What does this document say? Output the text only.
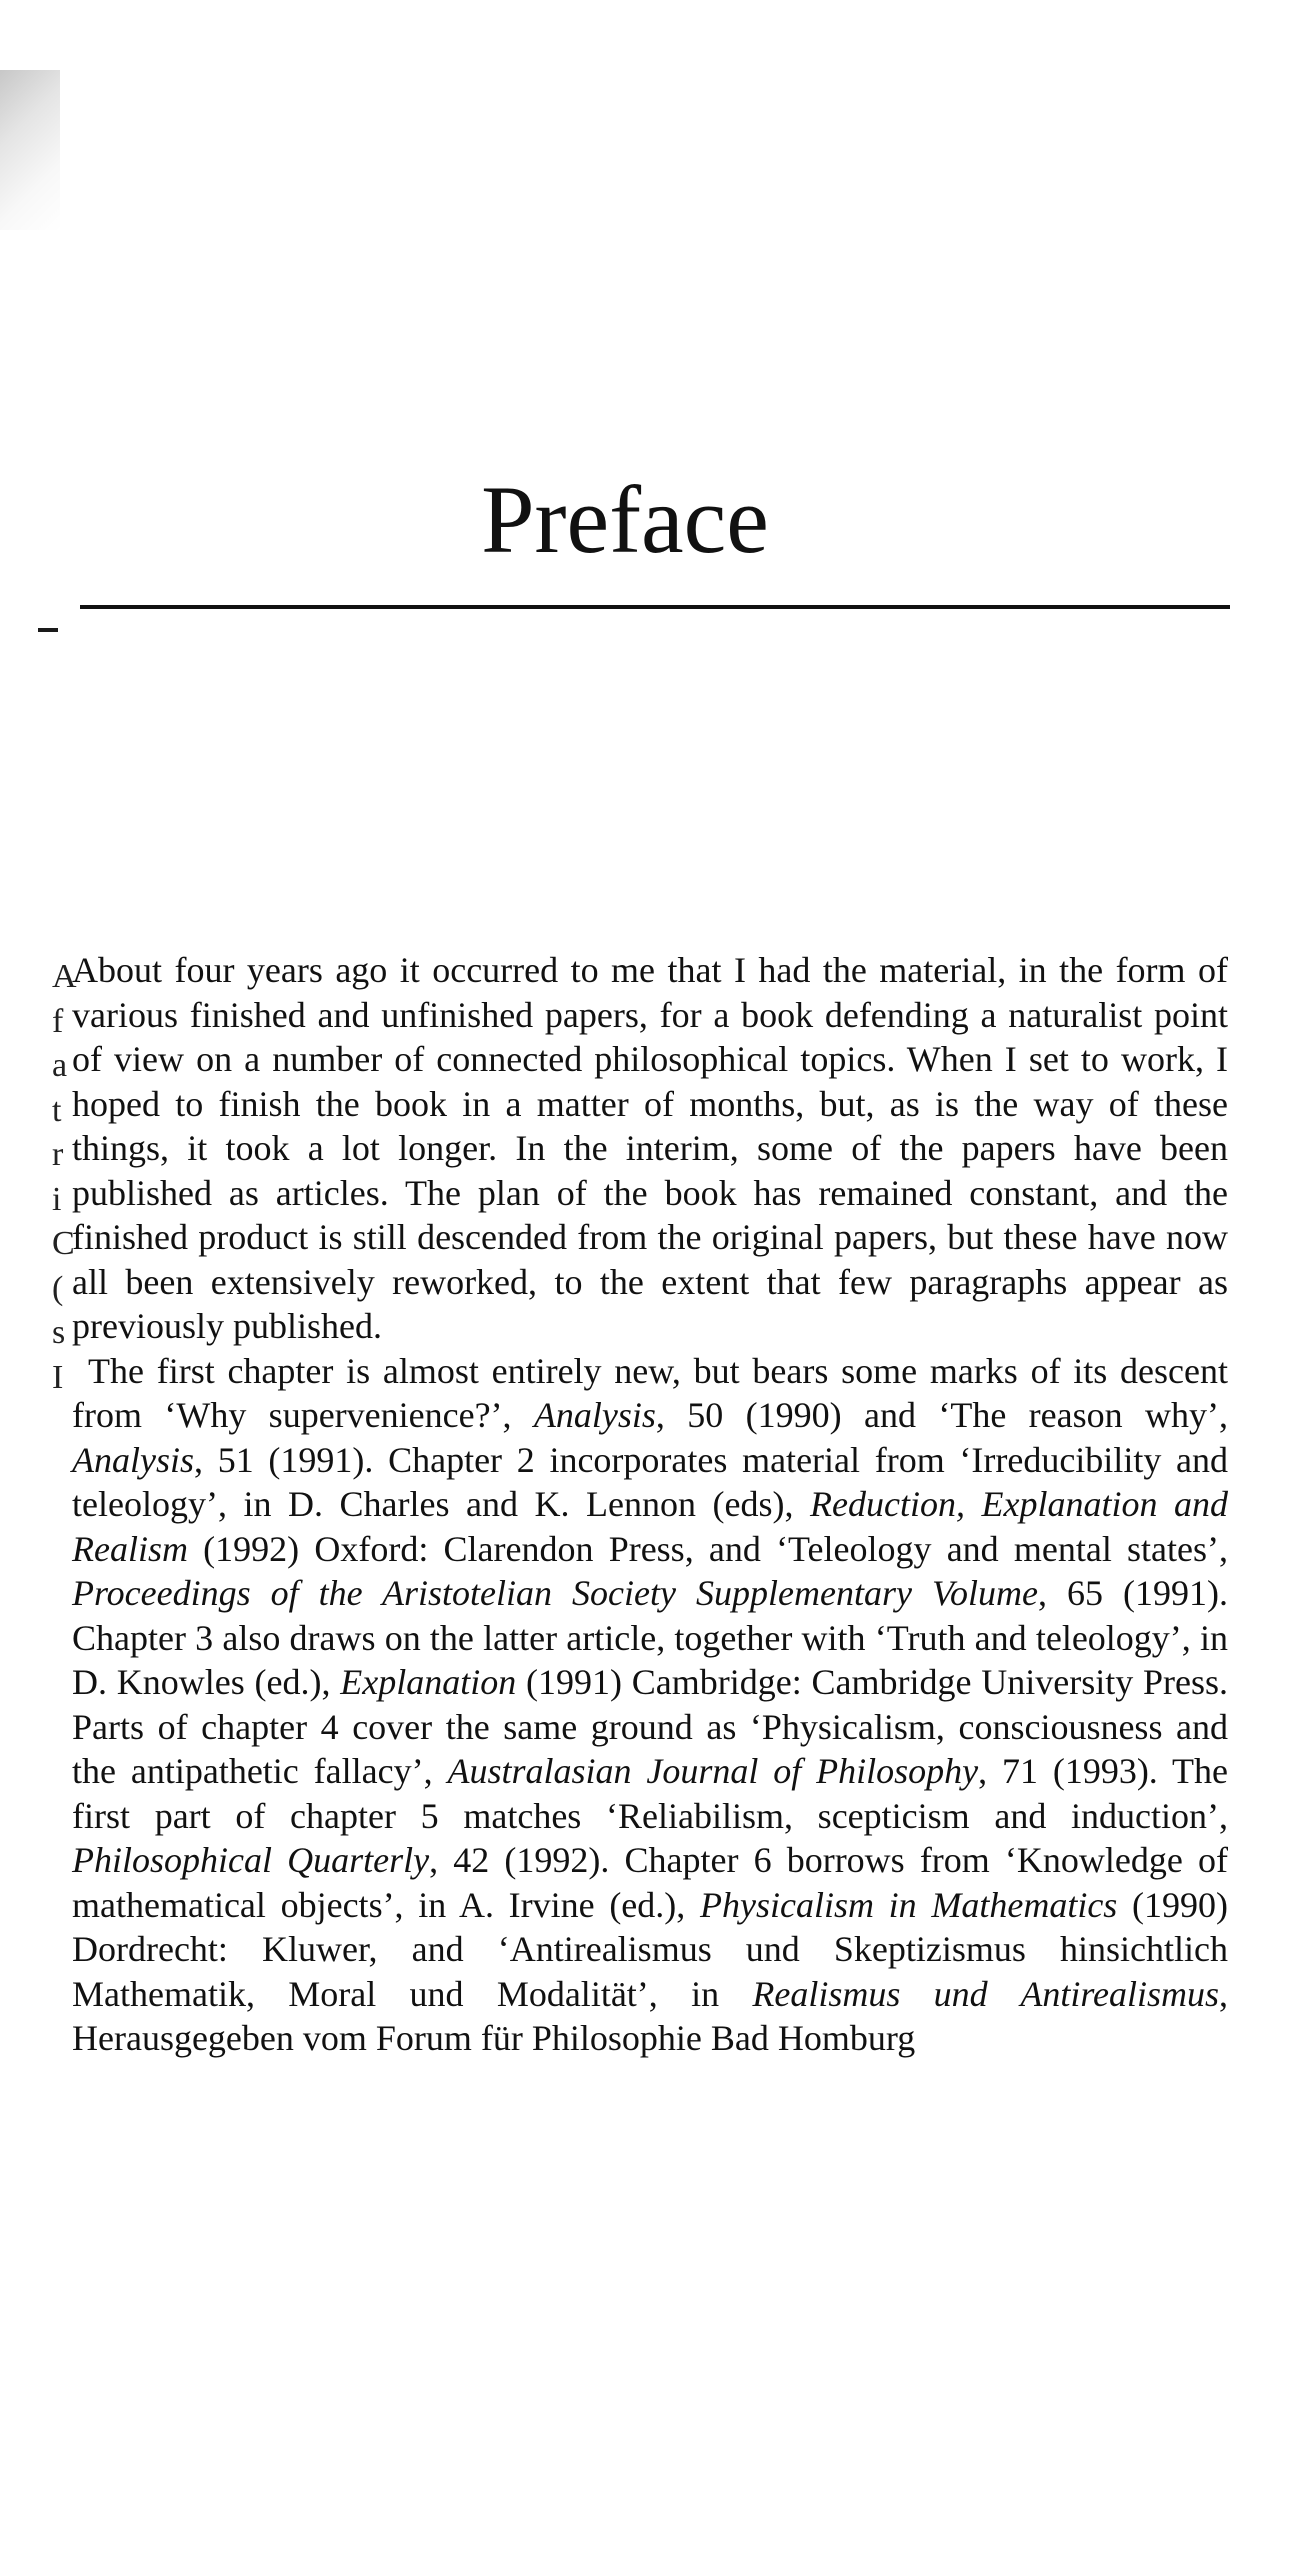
Preface
A
f
a
t
r
i
C
(
s
I

About four years ago it occurred to me that I had the material, in the form of various finished and unfinished papers, for a book defending a naturalist point of view on a number of connected philosophical topics. When I set to work, I hoped to finish the book in a matter of months, but, as is the way of these things, it took a lot longer. In the interim, some of the papers have been published as articles. The plan of the book has remained constant, and the finished product is still descended from the original papers, but these have now all been extensively reworked, to the extent that few paragraphs appear as previously published.

The first chapter is almost entirely new, but bears some marks of its descent from ‘Why supervenience?’, Analysis, 50 (1990) and ‘The reason why’, Analysis, 51 (1991). Chapter 2 incorporates material from ‘Irreducibility and teleology’, in D. Charles and K. Lennon (eds), Reduction, Explanation and Realism (1992) Oxford: Clarendon Press, and ‘Teleology and mental states’, Proceedings of the Aristotelian Society Supplementary Volume, 65 (1991). Chapter 3 also draws on the latter article, together with ‘Truth and teleology’, in D. Knowles (ed.), Explanation (1991) Cambridge: Cambridge University Press. Parts of chapter 4 cover the same ground as ‘Physicalism, consciousness and the antipathetic fallacy’, Australasian Journal of Philosophy, 71 (1993). The first part of chapter 5 matches ‘Reliabilism, scepticism and induction’, Philosophical Quarterly, 42 (1992). Chapter 6 borrows from ‘Knowledge of mathematical objects’, in A. Irvine (ed.), Physicalism in Mathematics (1990) Dordrecht: Kluwer, and ‘Antirealismus und Skeptizismus hinsichtlich Mathematik, Moral und Modalität’, in Realismus und Antirealismus, Herausgegeben vom Forum für Philosophie Bad Homburg
